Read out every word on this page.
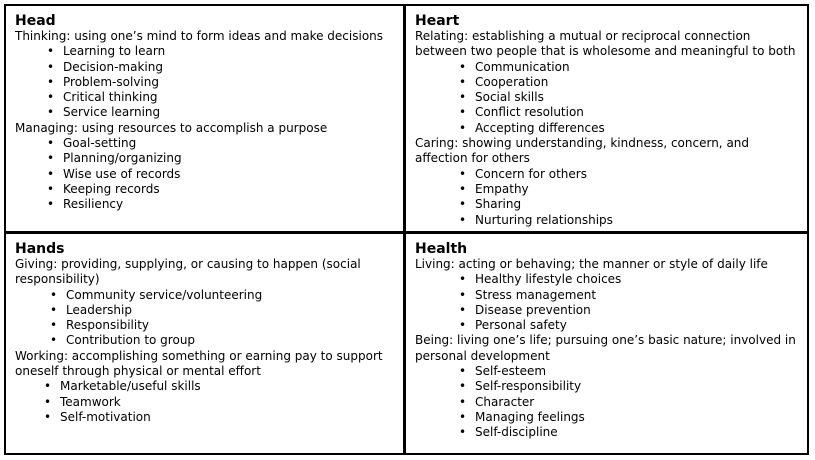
Head
Thinking: using one’s mind to form ideas and make decisions
• Learning to learn
• Decision-making
• Problem-solving
• Critical thinking
• Service learning
Managing: using resources to accomplish a purpose
• Goal-setting
• Planning/organizing
• Wise use of records
• Keeping records
• Resiliency
Heart
Relating: establishing a mutual or reciprocal connection between two people that is wholesome and meaningful to both
• Communication
• Cooperation
• Social skills
• Conflict resolution
• Accepting differences
Caring: showing understanding, kindness, concern, and affection for others
• Concern for others
• Empathy
• Sharing
• Nurturing relationships
Hands
Giving: providing, supplying, or causing to happen (social responsibility)
• Community service/volunteering
• Leadership
• Responsibility
• Contribution to group
Working: accomplishing something or earning pay to support oneself through physical or mental effort
• Marketable/useful skills
• Teamwork
• Self-motivation
Health
Living: acting or behaving; the manner or style of daily life
• Healthy lifestyle choices
• Stress management
• Disease prevention
• Personal safety
Being: living one’s life; pursuing one’s basic nature; involved in personal development
• Self-esteem
• Self-responsibility
• Character
• Managing feelings
• Self-discipline
